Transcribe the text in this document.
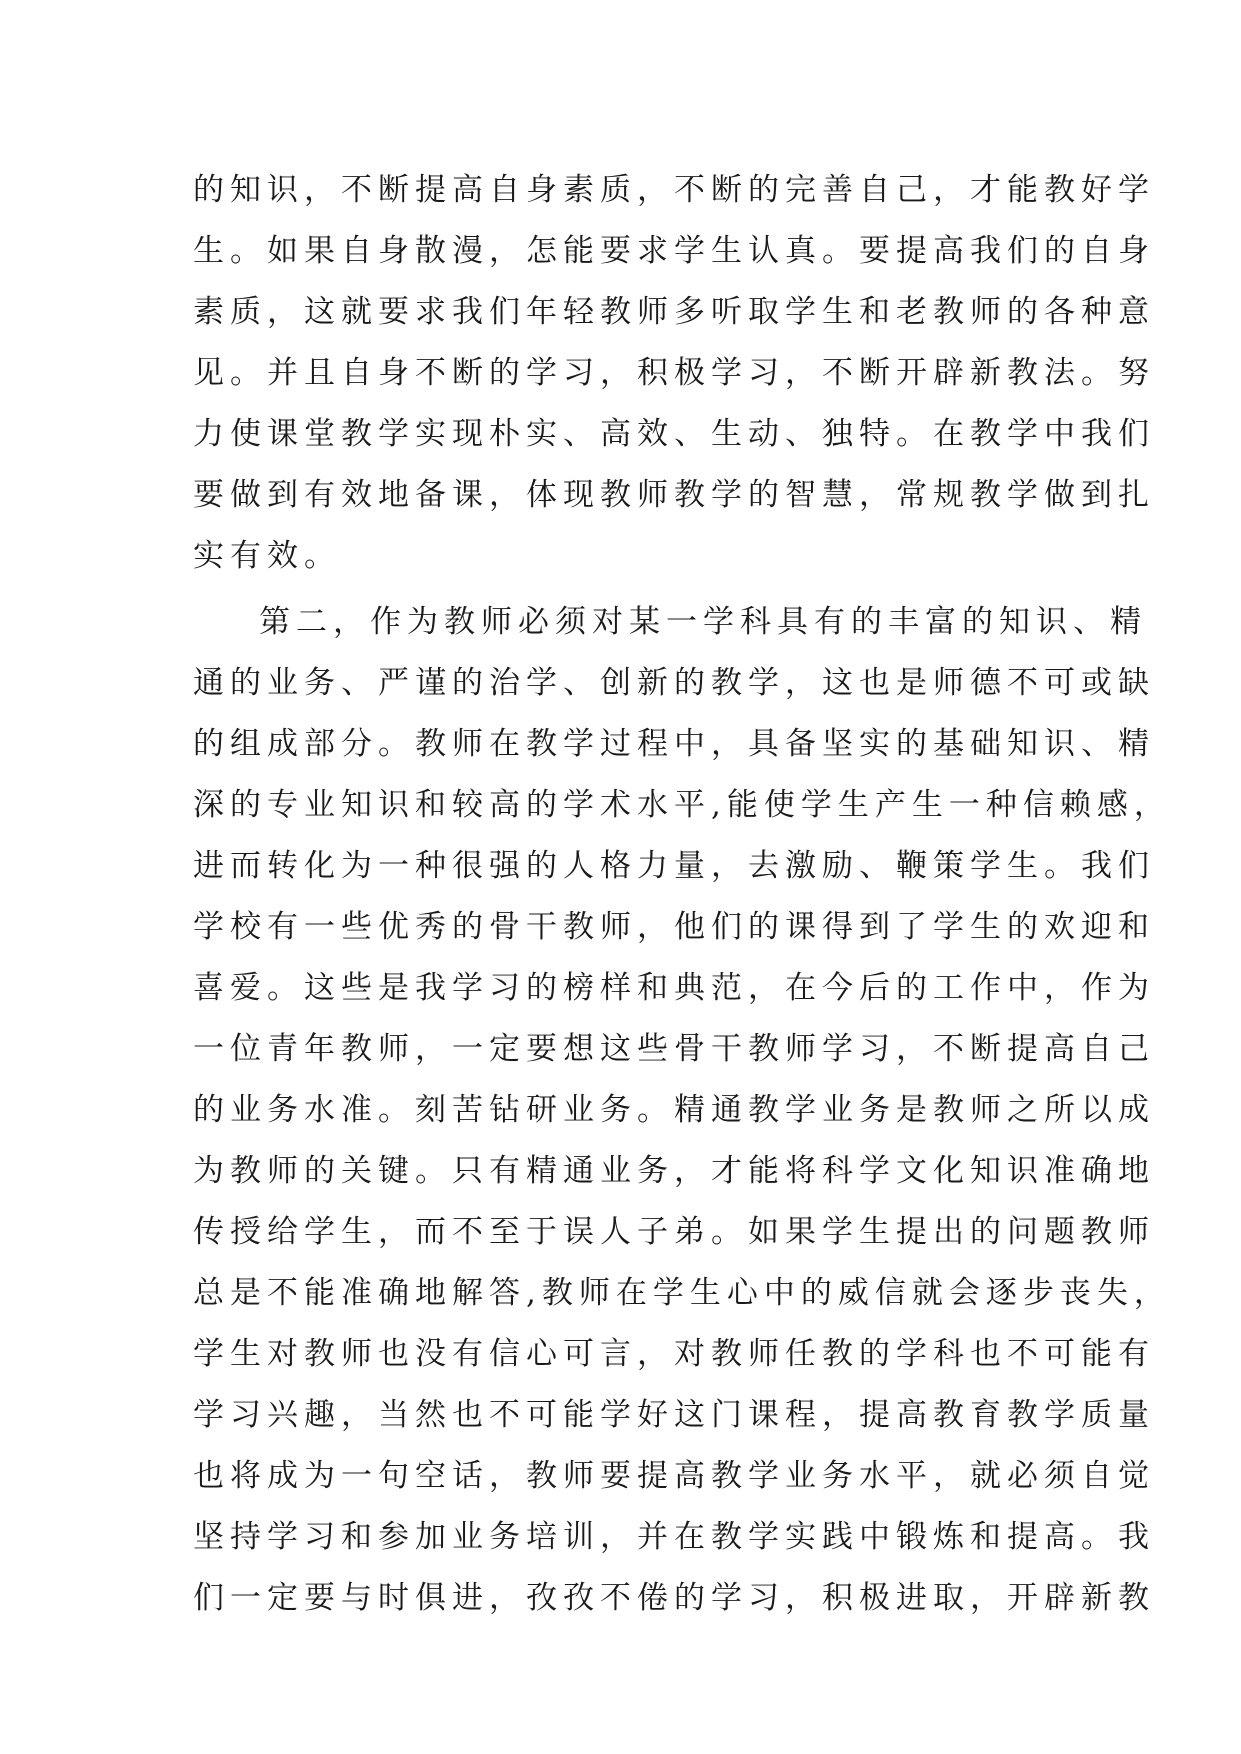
的知识，不断提高自身素质，不断的完善自己，才能教好学
生。如果自身散漫，怎能要求学生认真。要提高我们的自身
素质，这就要求我们年轻教师多听取学生和老教师的各种意
见。并且自身不断的学习，积极学习，不断开辟新教法。努
力使课堂教学实现朴实、高效、生动、独特。在教学中我们
要做到有效地备课，体现教师教学的智慧，常规教学做到扎
实有效。
第二，作为教师必须对某一学科具有的丰富的知识、精
通的业务、严谨的治学、创新的教学，这也是师德不可或缺
的组成部分。教师在教学过程中，具备坚实的基础知识、精
深的专业知识和较高的学术水平,能使学生产生一种信赖感，
进而转化为一种很强的人格力量，去激励、鞭策学生。我们
学校有一些优秀的骨干教师，他们的课得到了学生的欢迎和
喜爱。这些是我学习的榜样和典范，在今后的工作中，作为
一位青年教师，一定要想这些骨干教师学习，不断提高自己
的业务水准。刻苦钻研业务。精通教学业务是教师之所以成
为教师的关键。只有精通业务，才能将科学文化知识准确地
传授给学生，而不至于误人子弟。如果学生提出的问题教师
总是不能准确地解答,教师在学生心中的威信就会逐步丧失，
学生对教师也没有信心可言，对教师任教的学科也不可能有
学习兴趣，当然也不可能学好这门课程，提高教育教学质量
也将成为一句空话，教师要提高教学业务水平，就必须自觉
坚持学习和参加业务培训，并在教学实践中锻炼和提高。我
们一定要与时俱进，孜孜不倦的学习，积极进取，开辟新教
